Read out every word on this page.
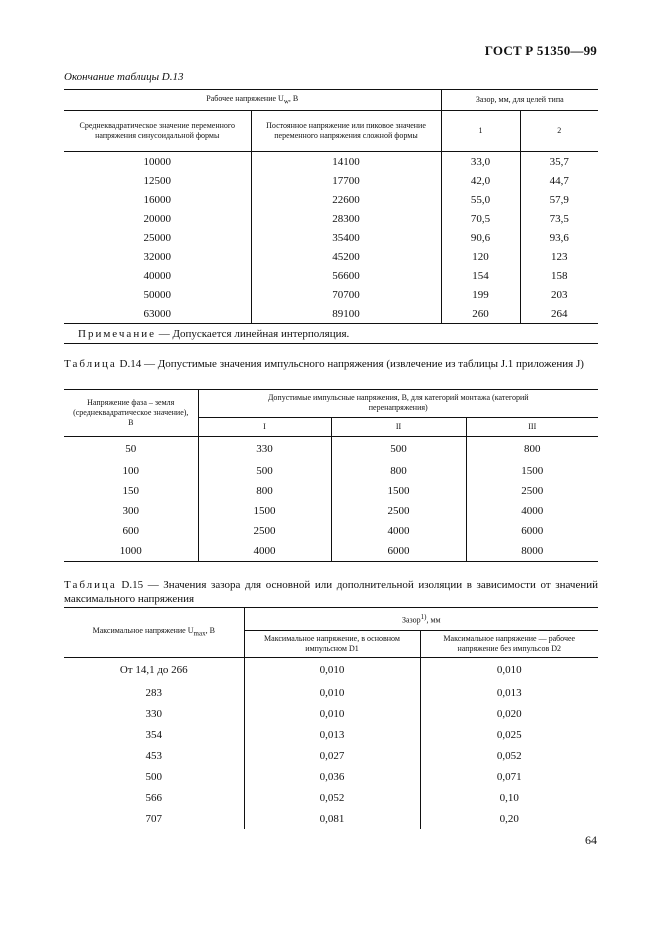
ГОСТ Р 51350—99
Окончание таблицы D.13
Рабочее напряжение $U_w$, В		Зазор, мм, для целей типа	
Среднеквадратическое значение переменного напряжения синусоидальной формы	Постоянное напряжение или пиковое значение переменного напряжения сложной формы	1	2
10000	14100	33,0	35,7
12500	17700	42,0	44,7
16000	22600	55,0	57,9
20000	28300	70,5	73,5
25000	35400	90,6	93,6
32000	45200	120	123
40000	56600	154	158
50000	70700	199	203
63000	89100	260	264
Примечание — Допускается линейная интерполяция.			
Таблица D.14 — Допустимые значения импульсного напряжения (извлечение из таблицы J.1 приложения J)
Напряжение фаза – земля (среднеквадратическое значение), В	Допустимые импульсные напряжения, В, для категорий монтажа (категорий перенапряжения)		
	I	II	III
50	330	500	800
100	500	800	1500
150	800	1500	2500
300	1500	2500	4000
600	2500	4000	6000
1000	4000	6000	8000
Таблица D.15 — Значения зазора для основной или дополнительной изоляции в зависимости от значений максимального напряжения
Максимальное напряжение $U_{max}$, В	Зазор$^{1)}$, мм	
	Максимальное напряжение, в основном импульсном D1	Максимальное напряжение — рабочее напряжение без импульсов D2
От 14,1 до 266	0,010	0,010
283	0,010	0,013
330	0,010	0,020
354	0,013	0,025
453	0,027	0,052
500	0,036	0,071
566	0,052	0,10
707	0,081	0,20
64
